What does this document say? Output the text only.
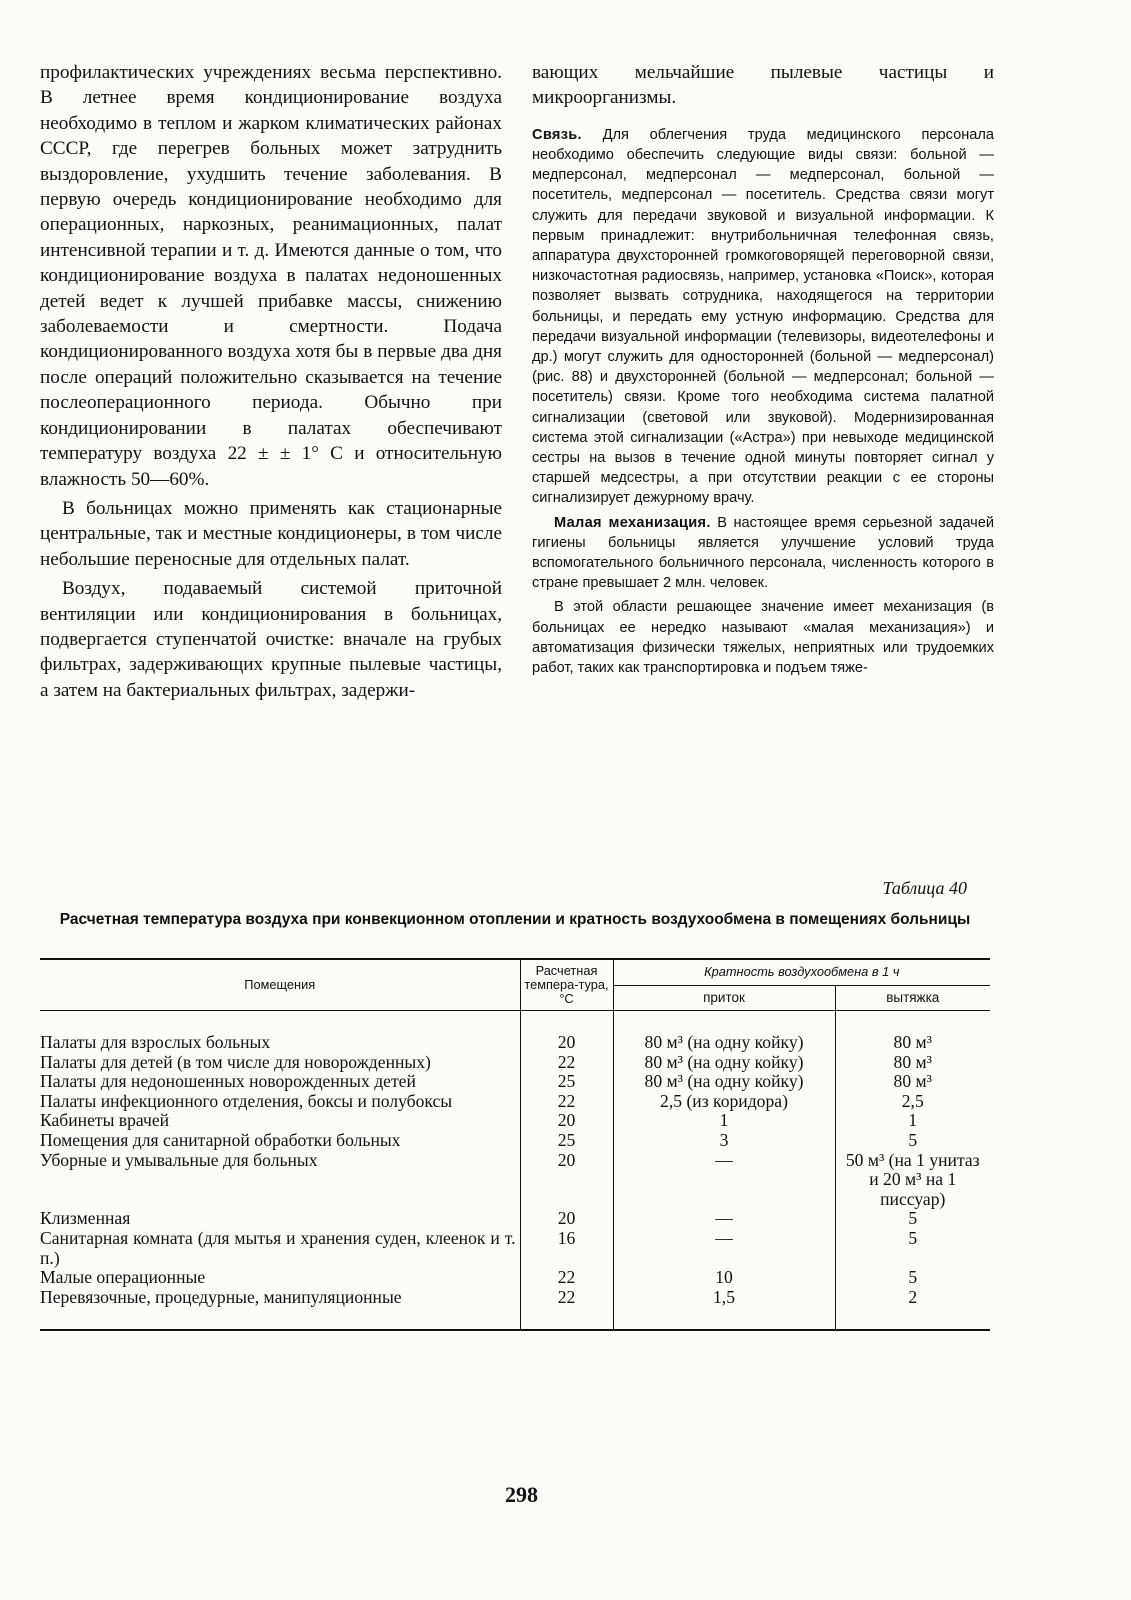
профилактических учреждениях весьма перспективно. В летнее время кондиционирование воздуха необходимо в теплом и жарком климатических районах СССР, где перегрев больных может затруднить выздоровление, ухудшить течение заболевания. В первую очередь кондиционирование необходимо для операционных, наркозных, реанимационных, палат интенсивной терапии и т. д. Имеются данные о том, что кондиционирование воздуха в палатах недоношенных детей ведет к лучшей прибавке массы, снижению заболеваемости и смертности. Подача кондиционированного воздуха хотя бы в первые два дня после операций положительно сказывается на течение послеоперационного периода. Обычно при кондиционировании в палатах обеспечивают температуру воздуха 22 ± ± 1° С и относительную влажность 50—60%.

В больницах можно применять как стационарные центральные, так и местные кондиционеры, в том числе небольшие переносные для отдельных палат.

Воздух, подаваемый системой приточной вентиляции или кондиционирования в больницах, подвергается ступенчатой очистке: вначале на грубых фильтрах, задерживающих крупные пылевые частицы, а затем на бактериальных фильтрах, задержи-

вающих мельчайшие пылевые частицы и микроорганизмы.

Связь. Для облегчения труда медицинского персонала необходимо обеспечить следующие виды связи: больной — медперсонал, медперсонал — медперсонал, больной — посетитель, медперсонал — посетитель. Средства связи могут служить для передачи звуковой и визуальной информации. К первым принадлежит: внутрибольничная телефонная связь, аппаратура двухсторонней громкоговорящей переговорной связи, низкочастотная радиосвязь, например, установка «Поиск», которая позволяет вызвать сотрудника, находящегося на территории больницы, и передать ему устную информацию. Средства для передачи визуальной информации (телевизоры, видеотелефоны и др.) могут служить для односторонней (больной — медперсонал) (рис. 88) и двухсторонней (больной — медперсонал; больной — посетитель) связи. Кроме того необходима система палатной сигнализации (световой или звуковой). Модернизированная система этой сигнализации («Астра») при невыходе медицинской сестры на вызов в течение одной минуты повторяет сигнал у старшей медсестры, а при отсутствии реакции с ее стороны сигнализирует дежурному врачу.

Малая механизация. В настоящее время серьезной задачей гигиены больницы является улучшение условий труда вспомогательного больничного персонала, численность которого в стране превышает 2 млн. человек.

В этой области решающее значение имеет механизация (в больницах ее нередко называют «малая механизация») и автоматизация физически тяжелых, неприятных или трудоемких работ, таких как транспортировка и подъем тяже-

Таблица 40
Расчетная температура воздуха при конвекционном отоплении и кратность воздухообмена в помещениях больницы
Помещения	Расчетная темпера-тура, °С	Кратность воздухообмена в 1 ч	
		приток	вытяжка
Палаты для взрослых больных	20	80 м³ (на одну койку)	80 м³
Палаты для детей (в том числе для новорожденных)	22	80 м³ (на одну койку)	80 м³
Палаты для недоношенных новорожденных детей	25	80 м³ (на одну койку)	80 м³
Палаты инфекционного отделения, боксы и полубоксы	22	2,5 (из коридора)	2,5
Кабинеты врачей	20	1	1
Помещения для санитарной обработки больных	25	3	5
Уборные и умывальные для больных	20	—	50 м³ (на 1 унитаз и 20 м³ на 1 писсуар)
Клизменная	20	—	5
Санитарная комната (для мытья и хранения суден, клеенок и т. п.)	16	—	5
Малые операционные	22	10	5
Перевязочные, процедурные, манипуляционные	22	1,5	2
298
